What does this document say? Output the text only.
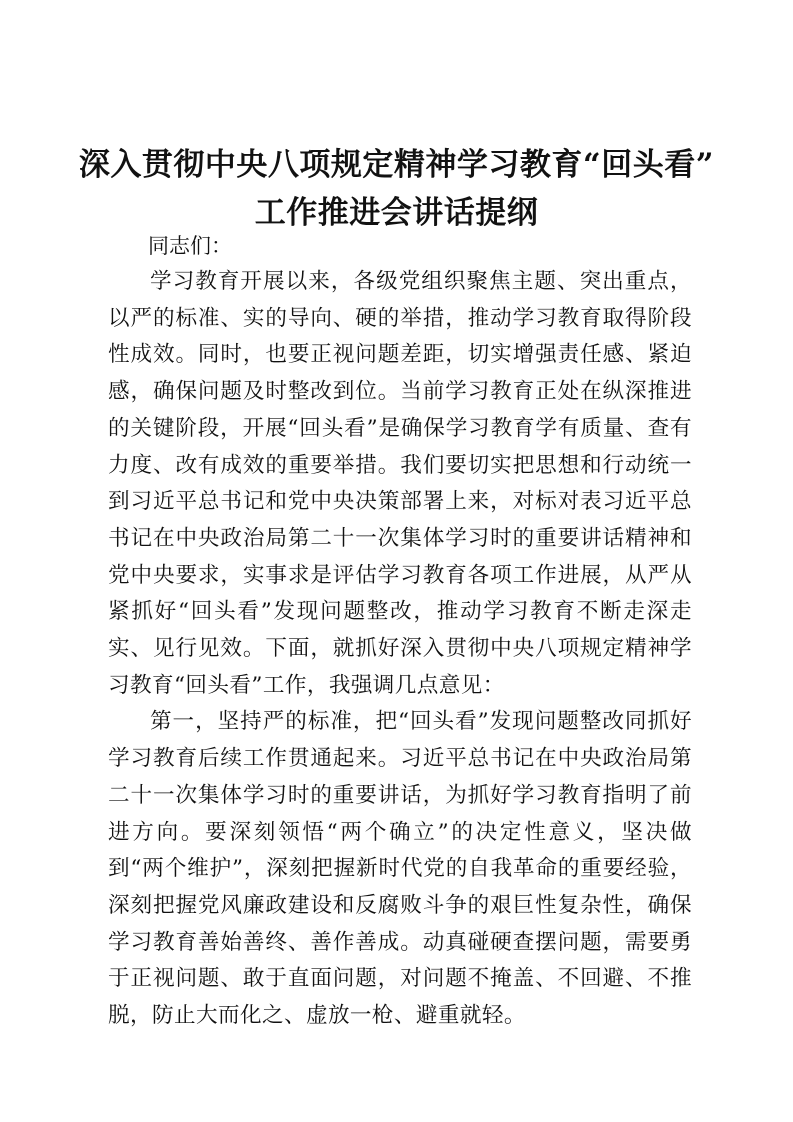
深入贯彻中央八项规定精神学习教育“回头看”
工作推进会讲话提纲

同志们：

学习教育开展以来，各级党组织聚焦主题、突出重点，以严的标准、实的导向、硬的举措，推动学习教育取得阶段性成效。同时，也要正视问题差距，切实增强责任感、紧迫感，确保问题及时整改到位。当前学习教育正处在纵深推进的关键阶段，开展“回头看”是确保学习教育学有质量、查有力度、改有成效的重要举措。我们要切实把思想和行动统一到习近平总书记和党中央决策部署上来，对标对表习近平总书记在中央政治局第二十一次集体学习时的重要讲话精神和党中央要求，实事求是评估学习教育各项工作进展，从严从紧抓好“回头看”发现问题整改，推动学习教育不断走深走实、见行见效。下面，就抓好深入贯彻中央八项规定精神学习教育“回头看”工作，我强调几点意见：

第一，坚持严的标准，把“回头看”发现问题整改同抓好学习教育后续工作贯通起来。习近平总书记在中央政治局第二十一次集体学习时的重要讲话，为抓好学习教育指明了前进方向。要深刻领悟“两个确立”的决定性意义，坚决做到“两个维护”，深刻把握新时代党的自我革命的重要经验，深刻把握党风廉政建设和反腐败斗争的艰巨性复杂性，确保学习教育善始善终、善作善成。动真碰硬查摆问题，需要勇于正视问题、敢于直面问题，对问题不掩盖、不回避、不推脱，防止大而化之、虚放一枪、避重就轻。
